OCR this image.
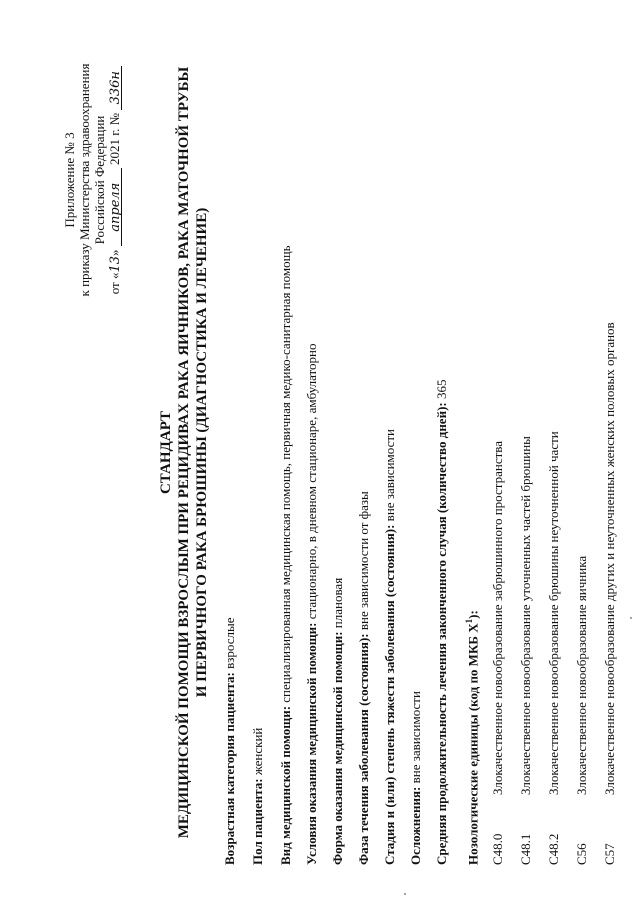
Приложение № 3 к приказу Министерства здравоохранения Российской Федерации
от «13» апреля 2021 г. № 336н
СТАНДАРТ МЕДИЦИНСКОЙ ПОМОЩИ ВЗРОСЛЫМ ПРИ РЕЦИДИВАХ РАКА ЯИЧНИКОВ, РАКА МАТОЧНОЙ ТРУБЫ И ПЕРВИЧНОГО РАКА БРЮШИНЫ (ДИАГНОСТИКА И ЛЕЧЕНИЕ)
Возрастная категория пациента: взрослые
Пол пациента: женский Вид медицинской помощи: специализированная медицинская помощь, первичная медико-санитарная помощь
Условия оказания медицинской помощи: стационарно, в дневном стационаре, амбулаторно
Форма оказания медицинской помощи: плановая
Фаза течения заболевания (состояния): вне зависимости от фазы Стадия и (или) степень тяжести заболевания (состояния): вне зависимости
Осложнения: вне зависимости Средняя продолжительность лечения законченного случая (количество дней): 365
Нозологические единицы (код по МКБ $X^1$):
C48.0
Злокачественное новообразование забрюшинного пространства
C48.1
Злокачественное новообразование уточненных частей брюшины
C48.2
Злокачественное новообразование брюшины неуточненной части
C56
Злокачественное новообразование яичника
C57
Злокачественное новообразование других и неуточненных женских половых органов
